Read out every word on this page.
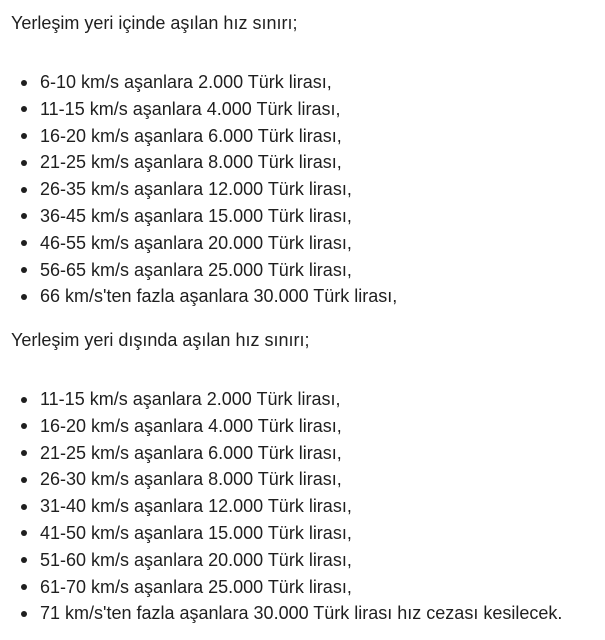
Yerleşim yeri içinde aşılan hız sınırı;

6-10 km/s aşanlara 2.000 Türk lirası,
11-15 km/s aşanlara 4.000 Türk lirası,
16-20 km/s aşanlara 6.000 Türk lirası,
21-25 km/s aşanlara 8.000 Türk lirası,
26-35 km/s aşanlara 12.000 Türk lirası,
36-45 km/s aşanlara 15.000 Türk lirası,
46-55 km/s aşanlara 20.000 Türk lirası,
56-65 km/s aşanlara 25.000 Türk lirası,
66 km/s'ten fazla aşanlara 30.000 Türk lirası,

Yerleşim yeri dışında aşılan hız sınırı;

11-15 km/s aşanlara 2.000 Türk lirası,
16-20 km/s aşanlara 4.000 Türk lirası,
21-25 km/s aşanlara 6.000 Türk lirası,
26-30 km/s aşanlara 8.000 Türk lirası,
31-40 km/s aşanlara 12.000 Türk lirası,
41-50 km/s aşanlara 15.000 Türk lirası,
51-60 km/s aşanlara 20.000 Türk lirası,
61-70 km/s aşanlara 25.000 Türk lirası,
71 km/s'ten fazla aşanlara 30.000 Türk lirası hız cezası kesilecek.
